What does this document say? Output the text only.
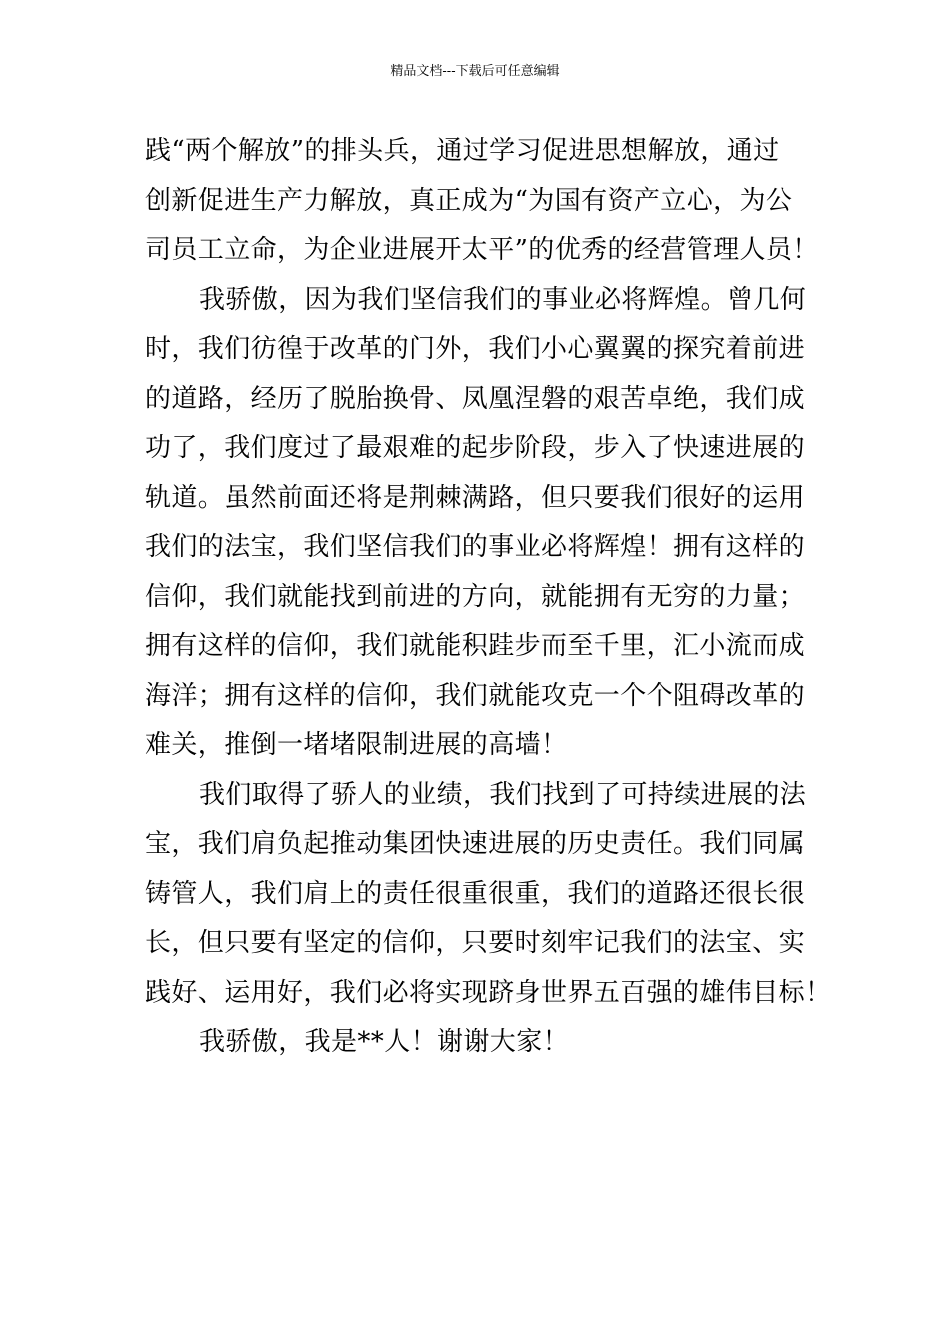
精品文档---下载后可任意编辑
践“两个解放”的排头兵，通过学习促进思想解放，通过
创新促进生产力解放，真正成为“为国有资产立心，为公
司员工立命，为企业进展开太平”的优秀的经营管理人员！
我骄傲，因为我们坚信我们的事业必将辉煌。曾几何
时，我们彷徨于改革的门外，我们小心翼翼的探究着前进
的道路，经历了脱胎换骨、凤凰涅磐的艰苦卓绝，我们成
功了，我们度过了最艰难的起步阶段，步入了快速进展的
轨道。虽然前面还将是荆棘满路，但只要我们很好的运用
我们的法宝，我们坚信我们的事业必将辉煌！拥有这样的
信仰，我们就能找到前进的方向，就能拥有无穷的力量；
拥有这样的信仰，我们就能积跬步而至千里，汇小流而成
海洋；拥有这样的信仰，我们就能攻克一个个阻碍改革的
难关，推倒一堵堵限制进展的高墙！
我们取得了骄人的业绩，我们找到了可持续进展的法
宝，我们肩负起推动集团快速进展的历史责任。我们同属
铸管人，我们肩上的责任很重很重，我们的道路还很长很
长，但只要有坚定的信仰，只要时刻牢记我们的法宝、实
践好、运用好，我们必将实现跻身世界五百强的雄伟目标！
我骄傲，我是**人！谢谢大家！
